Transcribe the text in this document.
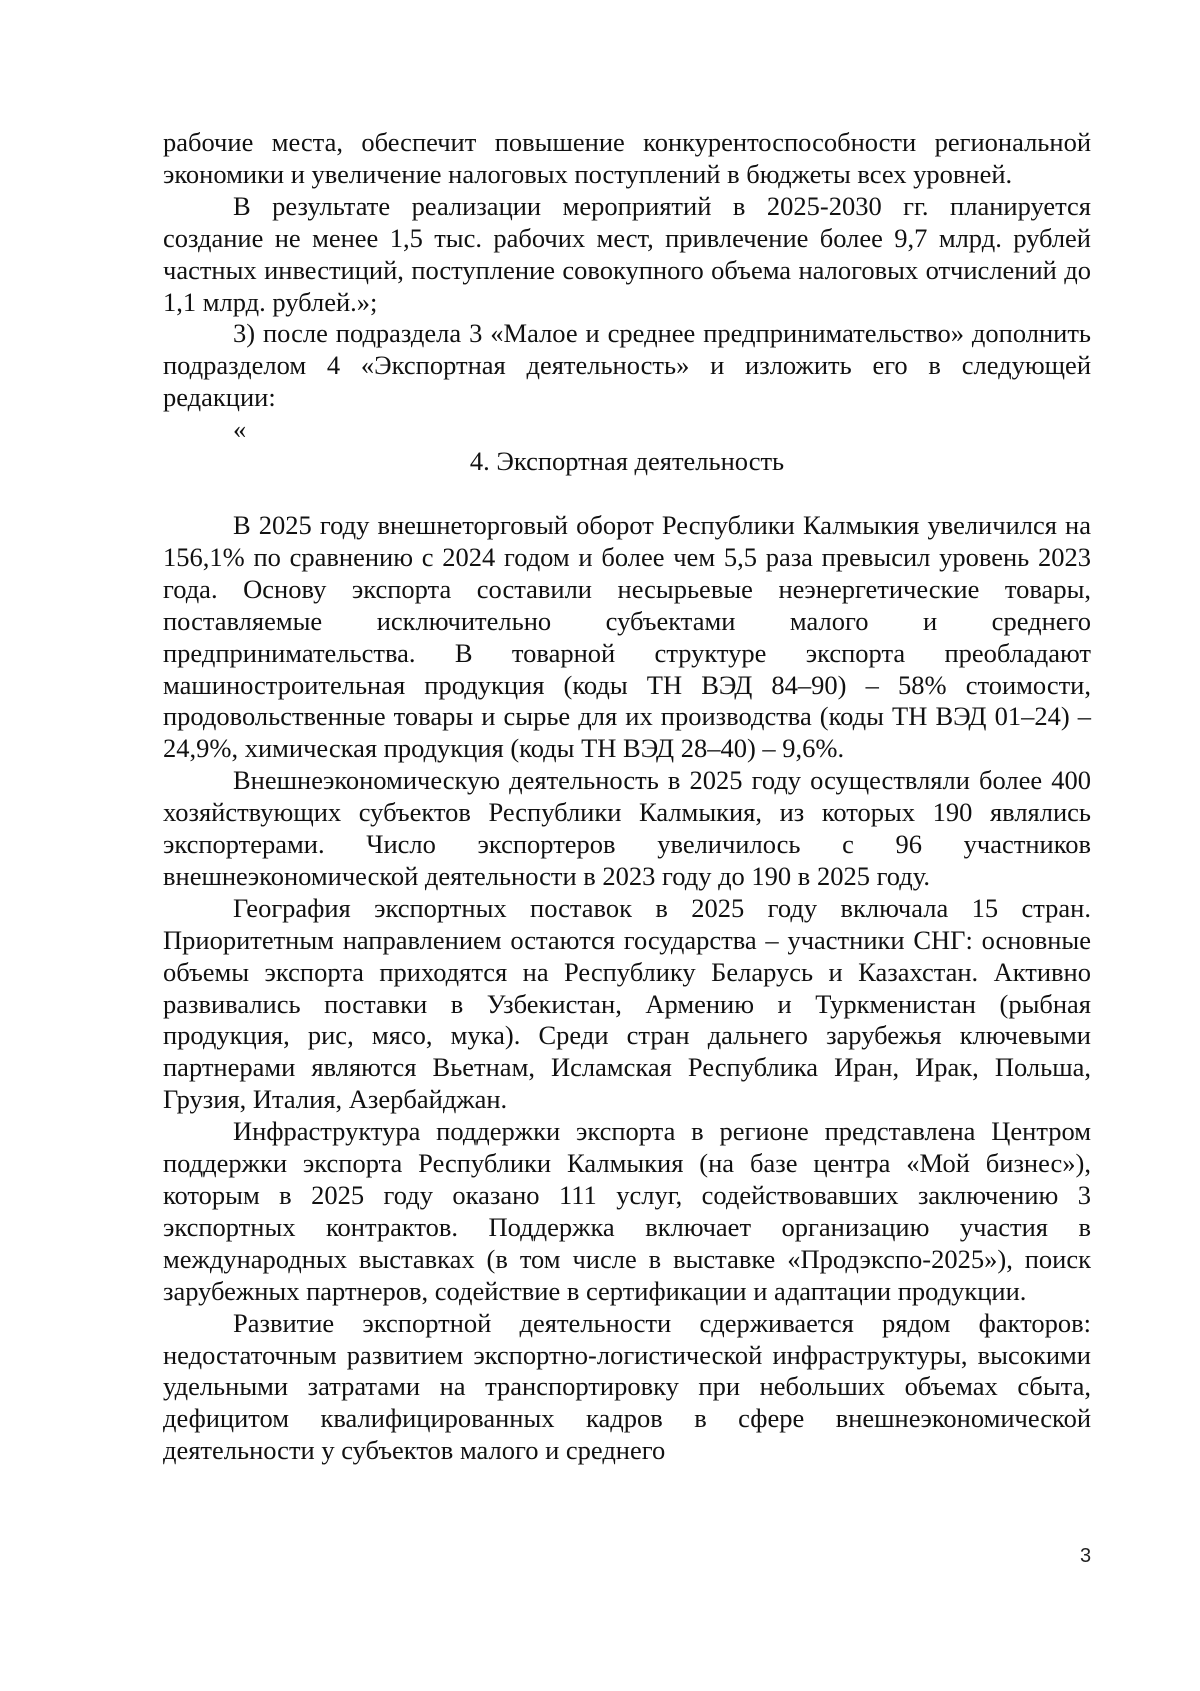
рабочие места, обеспечит повышение конкурентоспособности региональной экономики и увеличение налоговых поступлений в бюджеты всех уровней.

В результате реализации мероприятий в 2025-2030 гг. планируется создание не менее 1,5 тыс. рабочих мест, привлечение более 9,7 млрд. рублей частных инвестиций, поступление совокупного объема налоговых отчислений до 1,1 млрд. рублей.»;

3) после подраздела 3 «Малое и среднее предпринимательство» дополнить подразделом 4 «Экспортная деятельность» и изложить его в следующей редакции:

«

4. Экспортная деятельность

В 2025 году внешнеторговый оборот Республики Калмыкия увеличился на 156,1% по сравнению с 2024 годом и более чем 5,5 раза превысил уровень 2023 года. Основу экспорта составили несырьевые неэнергетические товары, поставляемые исключительно субъектами малого и среднего предпринимательства. В товарной структуре экспорта преобладают машиностроительная продукция (коды ТН ВЭД 84–90) – 58% стоимости, продовольственные товары и сырье для их производства (коды ТН ВЭД 01–24) – 24,9%, химическая продукция (коды ТН ВЭД 28–40) – 9,6%.

Внешнеэкономическую деятельность в 2025 году осуществляли более 400 хозяйствующих субъектов Республики Калмыкия, из которых 190 являлись экспортерами. Число экспортеров увеличилось с 96 участников внешнеэкономической деятельности в 2023 году до 190 в 2025 году.

География экспортных поставок в 2025 году включала 15 стран. Приоритетным направлением остаются государства – участники СНГ: основные объемы экспорта приходятся на Республику Беларусь и Казахстан. Активно развивались поставки в Узбекистан, Армению и Туркменистан (рыбная продукция, рис, мясо, мука). Среди стран дальнего зарубежья ключевыми партнерами являются Вьетнам, Исламская Республика Иран, Ирак, Польша, Грузия, Италия, Азербайджан.

Инфраструктура поддержки экспорта в регионе представлена Центром поддержки экспорта Республики Калмыкия (на базе центра «Мой бизнес»), которым в 2025 году оказано 111 услуг, содействовавших заключению 3 экспортных контрактов. Поддержка включает организацию участия в международных выставках (в том числе в выставке «Продэкспо-2025»), поиск зарубежных партнеров, содействие в сертификации и адаптации продукции.

Развитие экспортной деятельности сдерживается рядом факторов: недостаточным развитием экспортно-логистической инфраструктуры, высокими удельными затратами на транспортировку при небольших объемах сбыта, дефицитом квалифицированных кадров в сфере внешнеэкономической деятельности у субъектов малого и среднего

3
